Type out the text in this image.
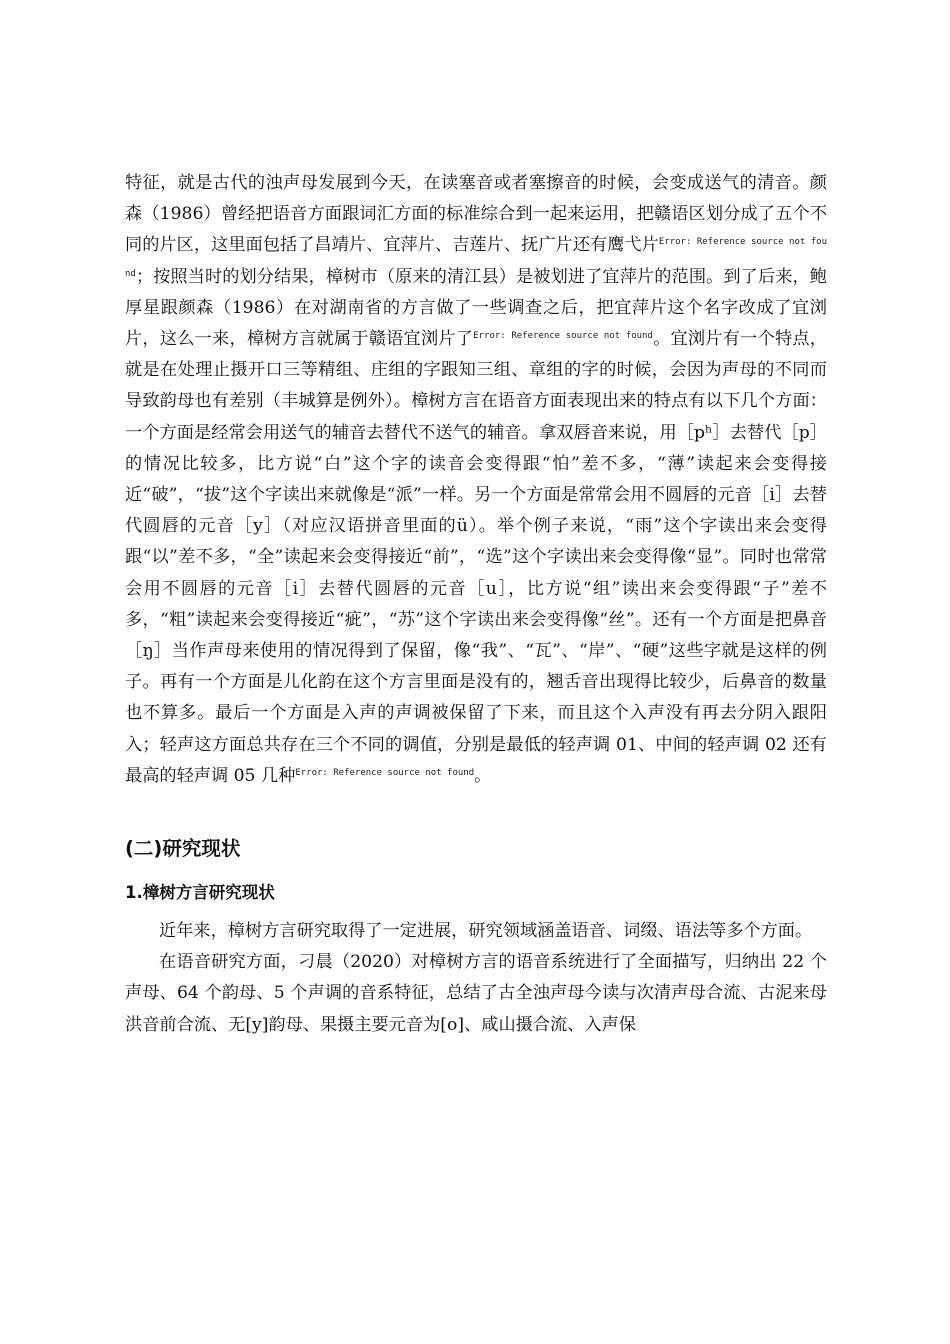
特征，就是古代的浊声母发展到今天，在读塞音或者塞擦音的时候，会变成送气的清音。颜森（1986）曾经把语音方面跟词汇方面的标准综合到一起来运用，把赣语区划分成了五个不同的片区，这里面包括了昌靖片、宜萍片、吉莲片、抚广片还有鹰弋片$^{Error: Reference source not found}$；按照当时的划分结果，樟树市（原来的清江县）是被划进了宜萍片的范围。到了后来，鲍厚星跟颜森（1986）在对湖南省的方言做了一些调查之后，把宜萍片这个名字改成了宜浏片，这么一来，樟树方言就属于赣语宜浏片了$^{Error: Reference source not found}$。宜浏片有一个特点，就是在处理止摄开口三等精组、庄组的字跟知三组、章组的字的时候，会因为声母的不同而导致韵母也有差别（丰城算是例外）。樟树方言在语音方面表现出来的特点有以下几个方面：一个方面是经常会用送气的辅音去替代不送气的辅音。拿双唇音来说，用［pʰ］去替代［p］的情况比较多，比方说“白”这个字的读音会变得跟“怕”差不多，“薄”读起来会变得接近“破”，“拔”这个字读出来就像是“派”一样。另一个方面是常常会用不圆唇的元音［i］去替代圆唇的元音［y］（对应汉语拼音里面的ü）。举个例子来说，“雨”这个字读出来会变得跟“以”差不多，“全”读起来会变得接近“前”，“选”这个字读出来会变得像“显”。同时也常常会用不圆唇的元音［i］去替代圆唇的元音［u］，比方说“组”读出来会变得跟“子”差不多，“粗”读起来会变得接近“疵”，“苏”这个字读出来会变得像“丝”。还有一个方面是把鼻音［ŋ］当作声母来使用的情况得到了保留，像“我”、“瓦”、“岸”、“硬”这些字就是这样的例子。再有一个方面是儿化韵在这个方言里面是没有的，翘舌音出现得比较少，后鼻音的数量也不算多。最后一个方面是入声的声调被保留了下来，而且这个入声没有再去分阴入跟阳入；轻声这方面总共存在三个不同的调值，分别是最低的轻声调 01、中间的轻声调 02 还有最高的轻声调 05 几种$^{Error: Reference source not found}$。

(二)研究现状
1.樟树方言研究现状

近年来，樟树方言研究取得了一定进展，研究领域涵盖语音、词缀、语法等多个方面。

在语音研究方面，刁晨（2020）对樟树方言的语音系统进行了全面描写，归纳出 22 个声母、64 个韵母、5 个声调的音系特征，总结了古全浊声母今读与次清声母合流、古泥来母洪音前合流、无[y]韵母、果摄主要元音为[o]、咸山摄合流、入声保
